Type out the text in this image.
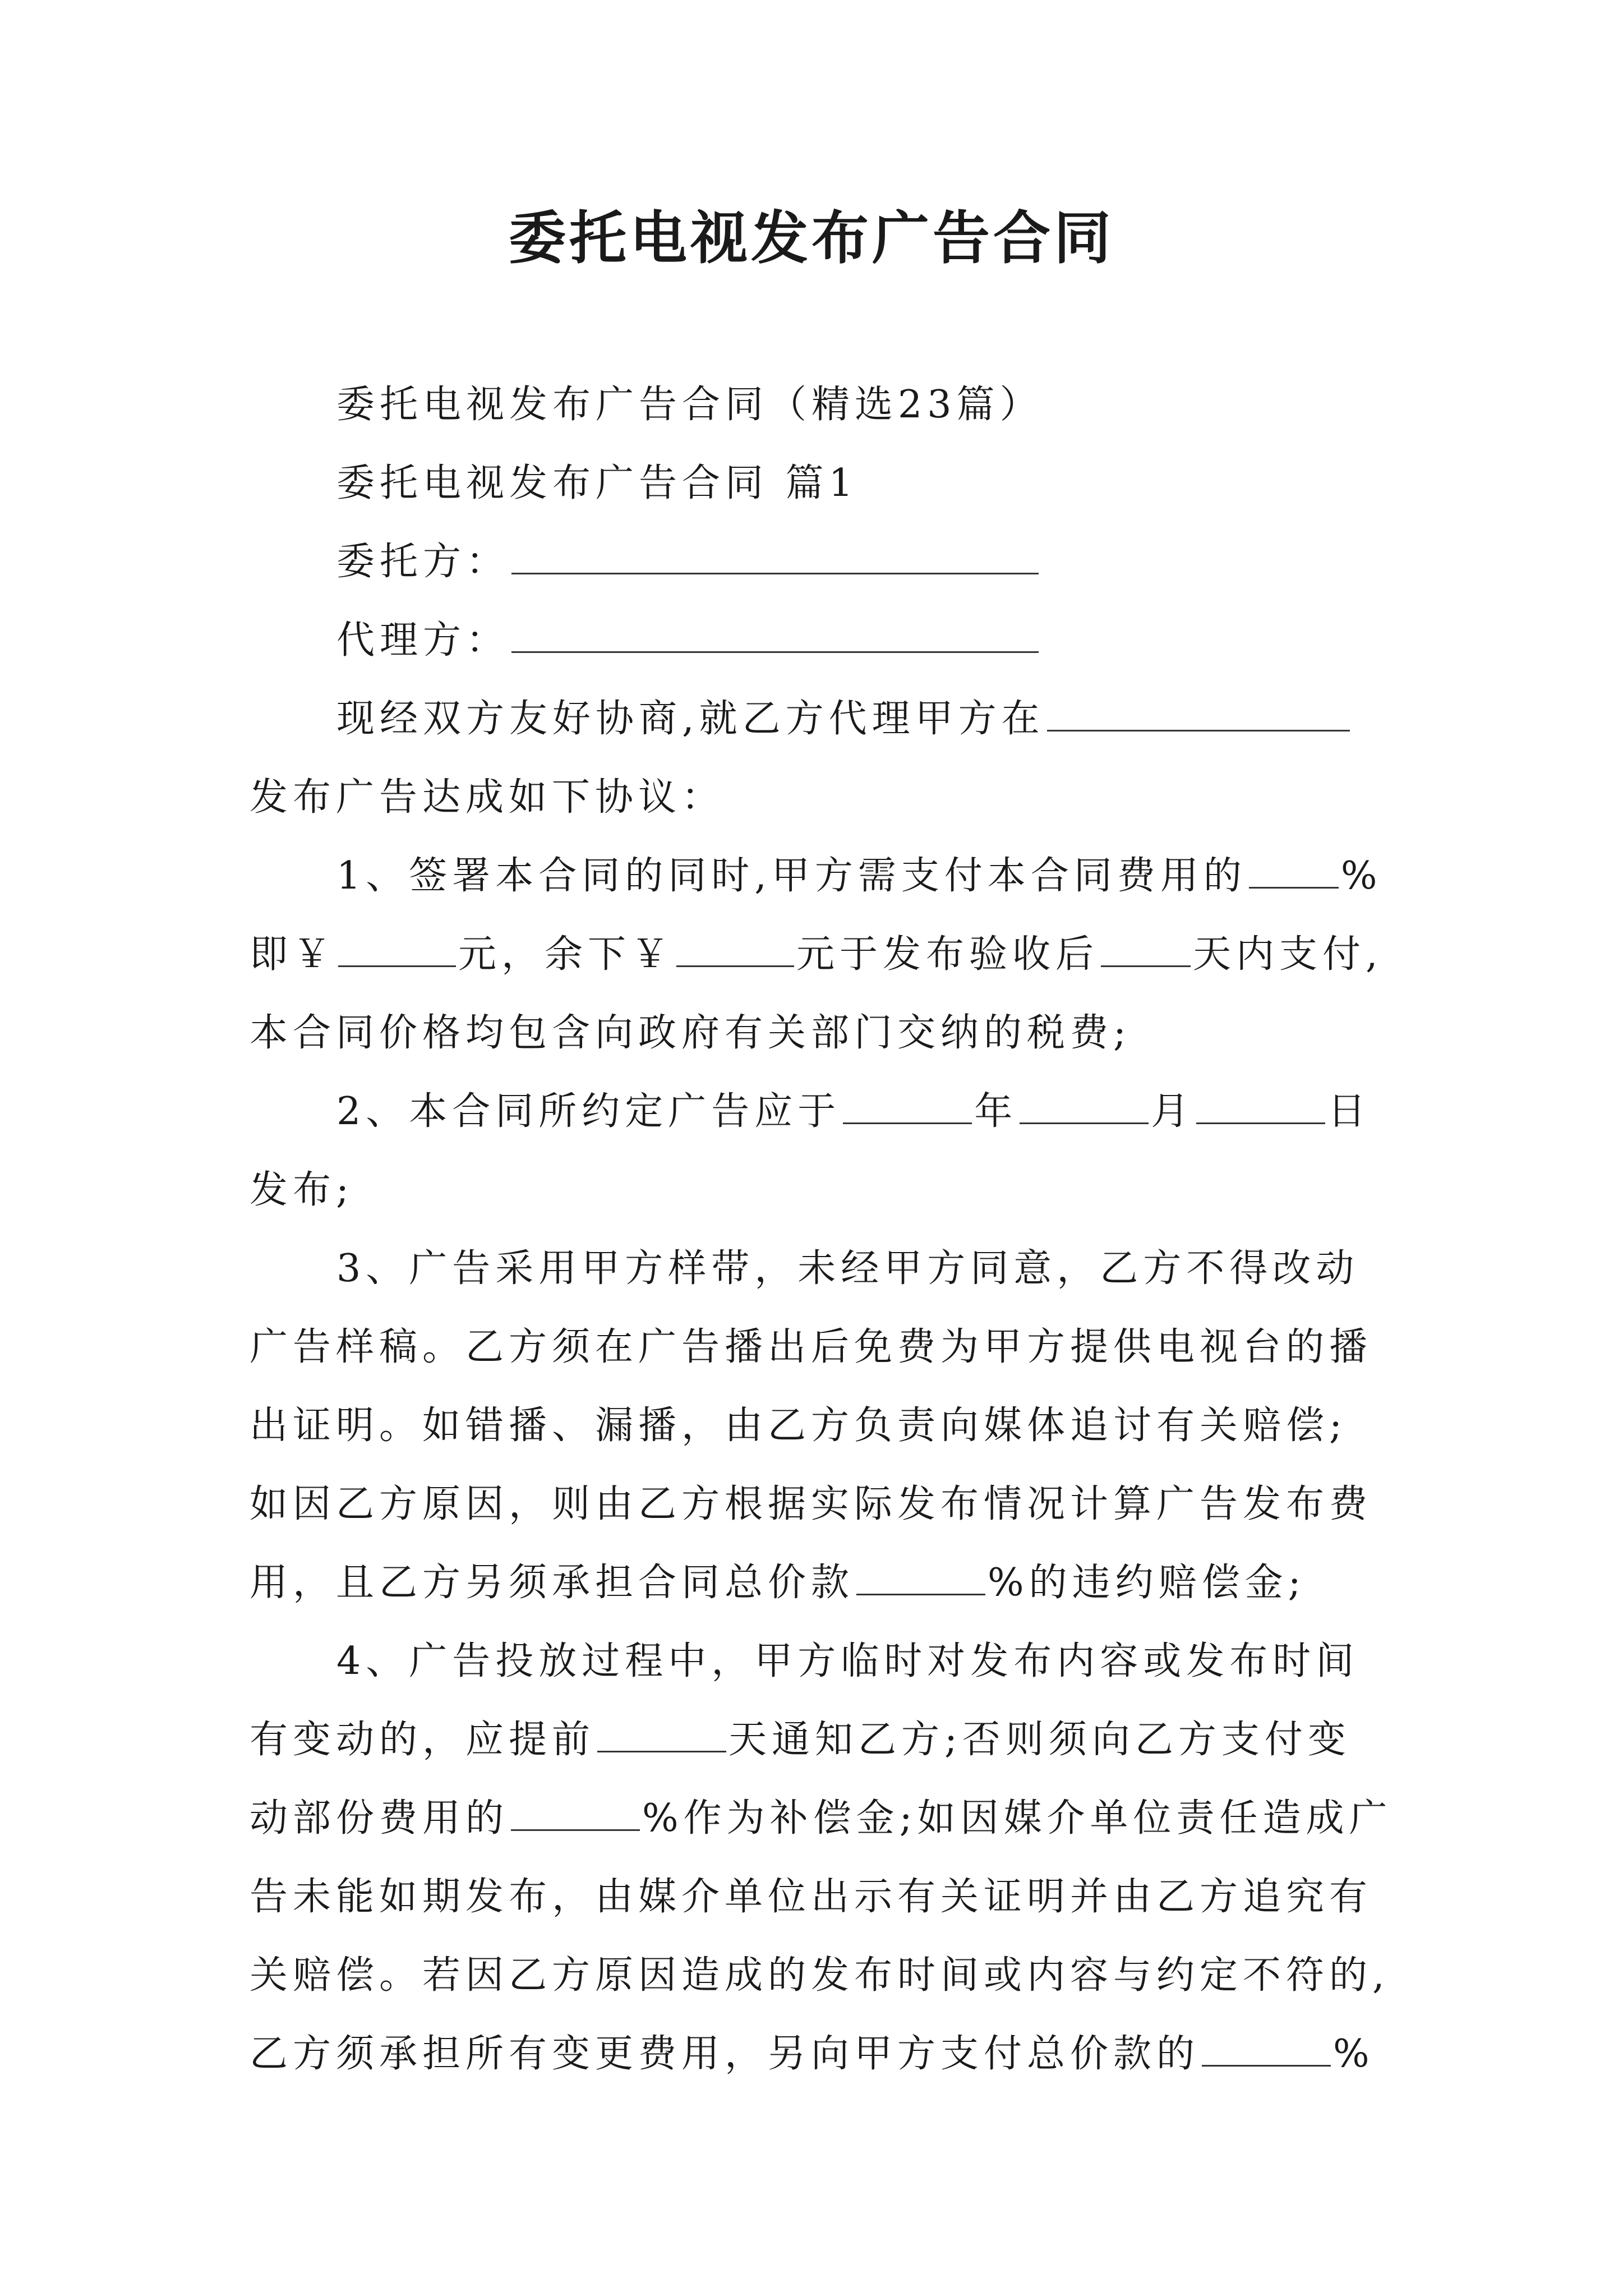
委托电视发布广告合同
委托电视发布广告合同（精选23篇）
委托电视发布广告合同 篇1
委托方：
代理方：
现经双方友好协商,就乙方代理甲方在
发布广告达成如下协议：
1、签署本合同的同时,甲方需支付本合同费用的 %
即￥	元，余下￥	元于发布验收后 天内支付,
本合同价格均包含向政府有关部门交纳的税费;
2、本合同所约定广告应于	年	月	日
发布;
3、广告采用甲方样带，未经甲方同意，乙方不得改动
广告样稿。乙方须在广告播出后免费为甲方提供电视台的播
出证明。如错播、漏播，由乙方负责向媒体追讨有关赔偿;
如因乙方原因，则由乙方根据实际发布情况计算广告发布费
用，且乙方另须承担合同总价款	%的违约赔偿金;
4、广告投放过程中，甲方临时对发布内容或发布时间
有变动的，应提前	天通知乙方;否则须向乙方支付变
动部份费用的	%作为补偿金;如因媒介单位责任造成广
告未能如期发布，由媒介单位出示有关证明并由乙方追究有
关赔偿。若因乙方原因造成的发布时间或内容与约定不符的,
乙方须承担所有变更费用，另向甲方支付总价款的	%
